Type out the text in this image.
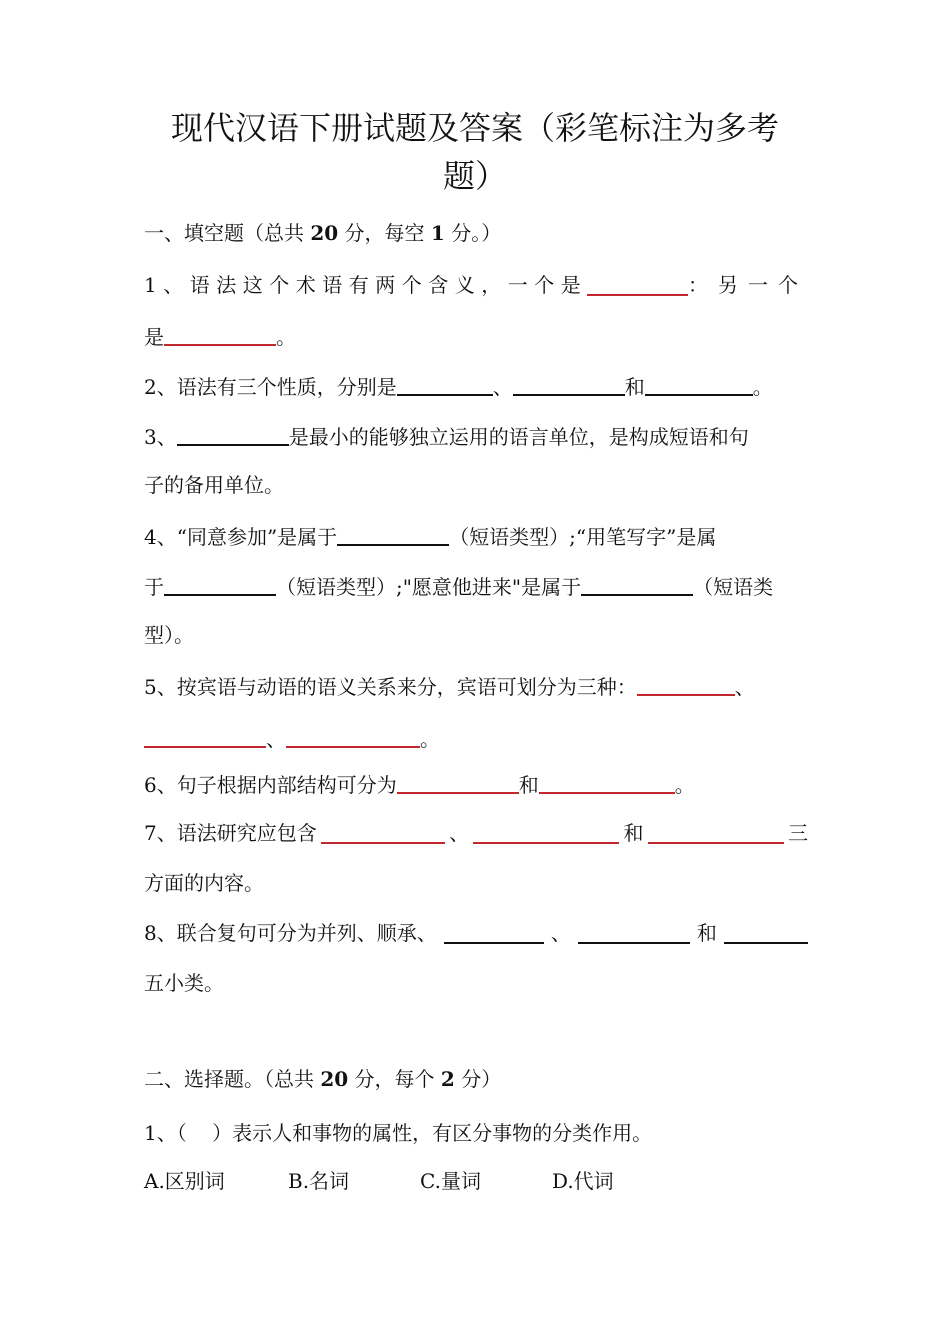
现代汉语下册试题及答案（彩笔标注为多考
题）
一、填空题（总共 20 分，每空 1 分。）
1、语法这个术语有两个含义，一个是	：另一个
是	。
2、语法有三个性质，分别是	、	和	。
3、	是最小的能够独立运用的语言单位，是构成短语和句
子的备用单位。
4、“同意参加”是属于	（短语类型）;“用笔写字”是属
于	（短语类型）;"愿意他进来"是属于	（短语类
型）。
5、按宾语与动语的语义关系来分，宾语可划分为三种：	、
、	。
6、句子根据内部结构可分为	和	。
7、语法研究应包含	、	和	三
方面的内容。
8、联合复句可分为并列、顺承、	、	和
五小类。
二、选择题。（总共 20 分，每个 2 分）
1、（    ）表示人和事物的属性，有区分事物的分类作用。
A.区别词	B.名词	C.量词	D.代词
